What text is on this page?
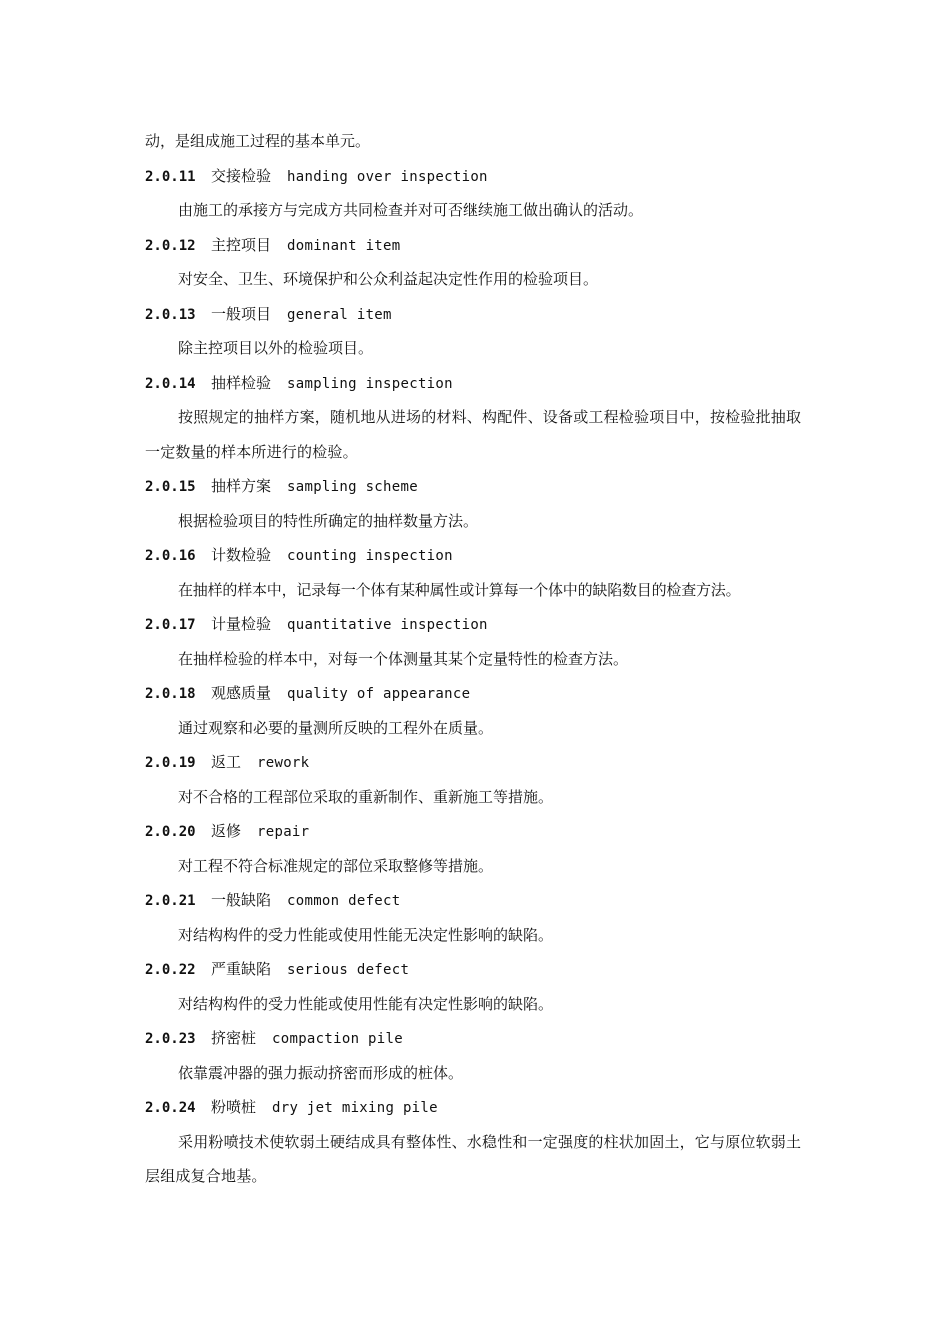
动，是组成施工过程的基本单元。
2.0.11 交接检验 handing over inspection
由施工的承接方与完成方共同检查并对可否继续施工做出确认的活动。
2.0.12 主控项目 dominant item
对安全、卫生、环境保护和公众利益起决定性作用的检验项目。
2.0.13 一般项目 general item
除主控项目以外的检验项目。
2.0.14 抽样检验 sampling inspection
按照规定的抽样方案，随机地从进场的材料、构配件、设备或工程检验项目中，按检验批抽取一定数量的样本所进行的检验。
2.0.15 抽样方案 sampling scheme
根据检验项目的特性所确定的抽样数量方法。
2.0.16 计数检验 counting inspection
在抽样的样本中，记录每一个体有某种属性或计算每一个体中的缺陷数目的检查方法。
2.0.17 计量检验 quantitative inspection
在抽样检验的样本中，对每一个体测量其某个定量特性的检查方法。
2.0.18 观感质量 quality of appearance
通过观察和必要的量测所反映的工程外在质量。
2.0.19 返工 rework
对不合格的工程部位采取的重新制作、重新施工等措施。
2.0.20 返修 repair
对工程不符合标准规定的部位采取整修等措施。
2.0.21 一般缺陷 common defect
对结构构件的受力性能或使用性能无决定性影响的缺陷。
2.0.22 严重缺陷 serious defect
对结构构件的受力性能或使用性能有决定性影响的缺陷。
2.0.23 挤密桩 compaction pile
依靠震冲器的强力振动挤密而形成的桩体。
2.0.24 粉喷桩 dry jet mixing pile
采用粉喷技术使软弱土硬结成具有整体性、水稳性和一定强度的柱状加固土，它与原位软弱土层组成复合地基。
